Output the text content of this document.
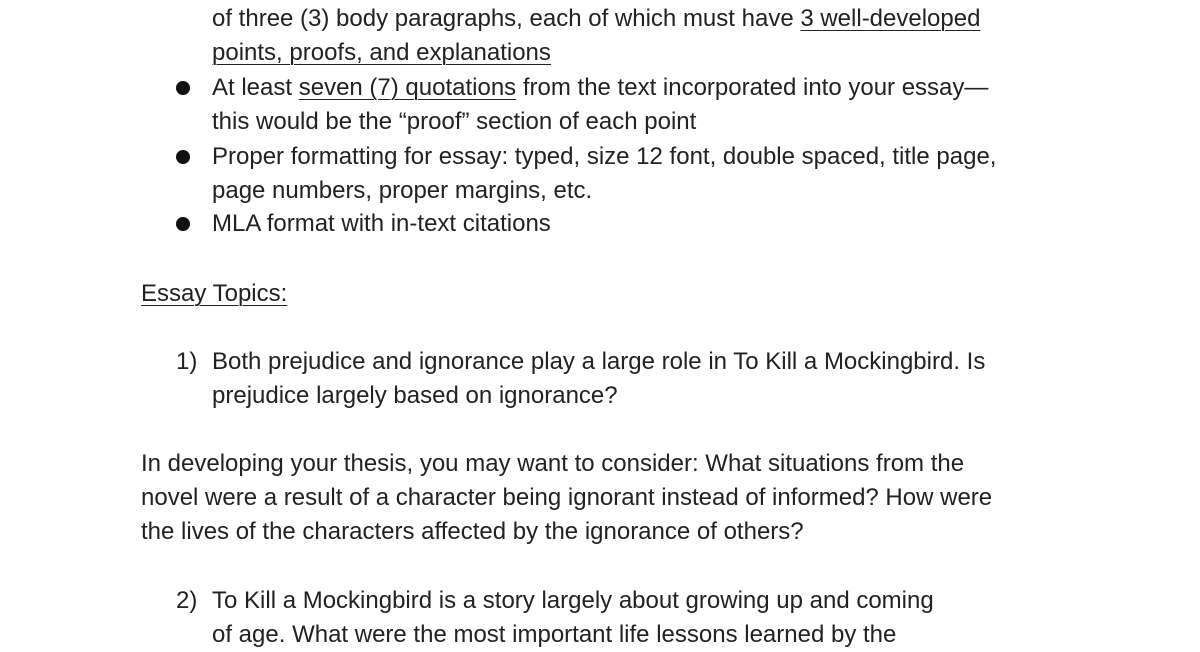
of three (3) body paragraphs, each of which must have 3 well-developed
points, proofs, and explanations
At least seven (7) quotations from the text incorporated into your essay—
this would be the “proof” section of each point
Proper formatting for essay: typed, size 12 font, double spaced, title page,
page numbers, proper margins, etc.
MLA format with in-text citations
Essay Topics:
1) Both prejudice and ignorance play a large role in To Kill a Mockingbird. Is
prejudice largely based on ignorance?
In developing your thesis, you may want to consider: What situations from the
novel were a result of a character being ignorant instead of informed? How were
the lives of the characters affected by the ignorance of others?
2) To Kill a Mockingbird is a story largely about growing up and coming
of age. What were the most important life lessons learned by the
